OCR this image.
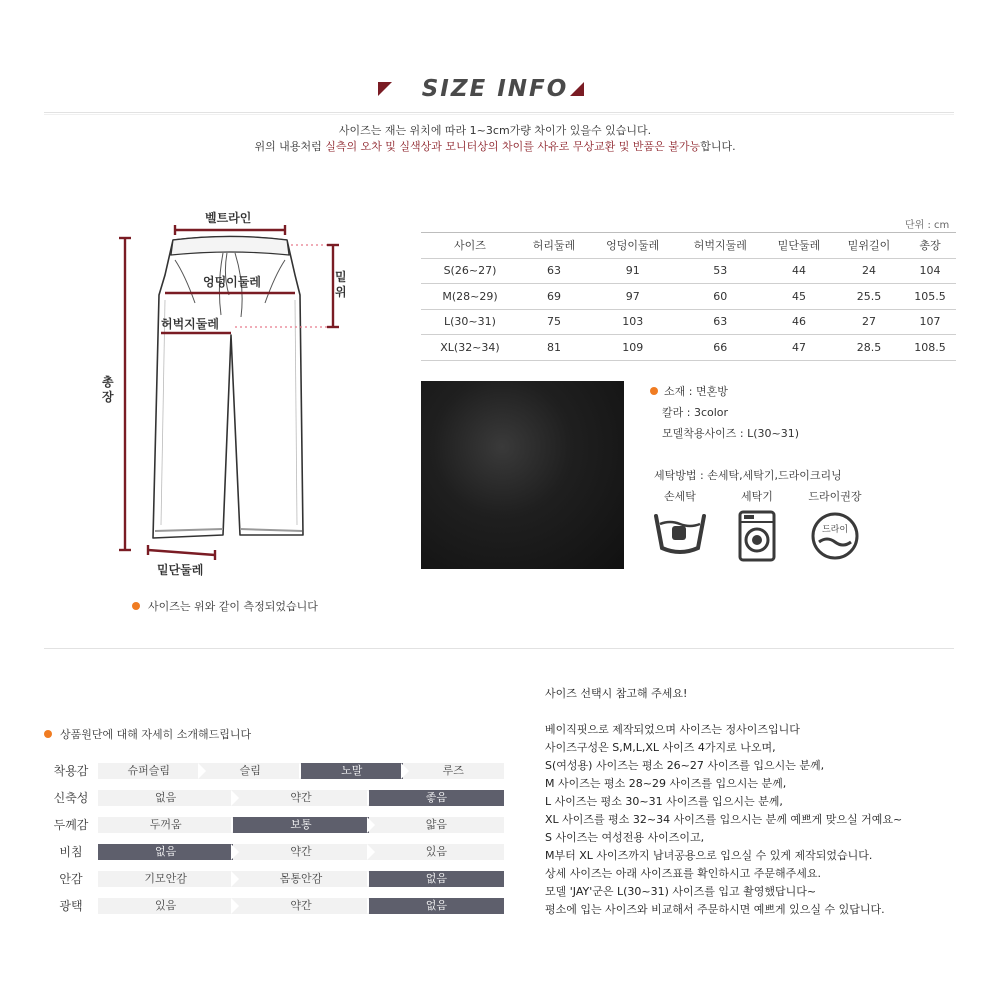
SIZE INFO
사이즈는 재는 위치에 따라 1~3cm가량 차이가 있을수 있습니다.
위의 내용처럼 실측의 오차 및 실색상과 모니터상의 차이를 사유로 무상교환 및 반품은 불가능합니다.
벨트라인
엉덩이둘레
허벅지둘레
밑위
총장
밑단둘레
사이즈는 위와 같이 측정되었습니다
단위 : cm
사이즈	허리둘레	엉덩이둘레	허벅지둘레	밑단둘레	밑위길이	총장
S(26~27)	63	91	53	44	24	104
M(28~29)	69	97	60	45	25.5	105.5
L(30~31)	75	103	63	46	27	107
XL(32~34)	81	109	66	47	28.5	108.5
소재 : 면혼방
칼라 : 3color
모델착용사이즈 : L(30~31)
세탁방법 : 손세탁,세탁기,드라이크리닝
손세탁	세탁기	드라이권장
드라이
상품원단에 대해 자세히 소개해드립니다
착용감	슈퍼슬림	슬림	노말	루즈
신축성	없음	약간	좋음
두께감	두꺼움	보통	얇음
비침	없음	약간	있음
안감	기모안감	몸통안감	없음
광택	있음	약간	없음
사이즈 선택시 참고해 주세요!
베이직핏으로 제작되었으며 사이즈는 정사이즈입니다
사이즈구성은 S,M,L,XL 사이즈 4가지로 나오며,
S(여성용) 사이즈는 평소 26~27 사이즈를 입으시는 분께,
M 사이즈는 평소 28~29 사이즈를 입으시는 분께,
L 사이즈는 평소 30~31 사이즈를 입으시는 분께,
XL 사이즈를 평소 32~34 사이즈를 입으시는 분께 예쁘게 맞으실 거예요~
S 사이즈는 여성전용 사이즈이고,
M부터 XL 사이즈까지 남녀공용으로 입으실 수 있게 제작되었습니다.
상세 사이즈는 아래 사이즈표를 확인하시고 주문해주세요.
모델 'JAY'군은 L(30~31) 사이즈를 입고 촬영했답니다~
평소에 입는 사이즈와 비교해서 주문하시면 예쁘게 있으실 수 있답니다.
